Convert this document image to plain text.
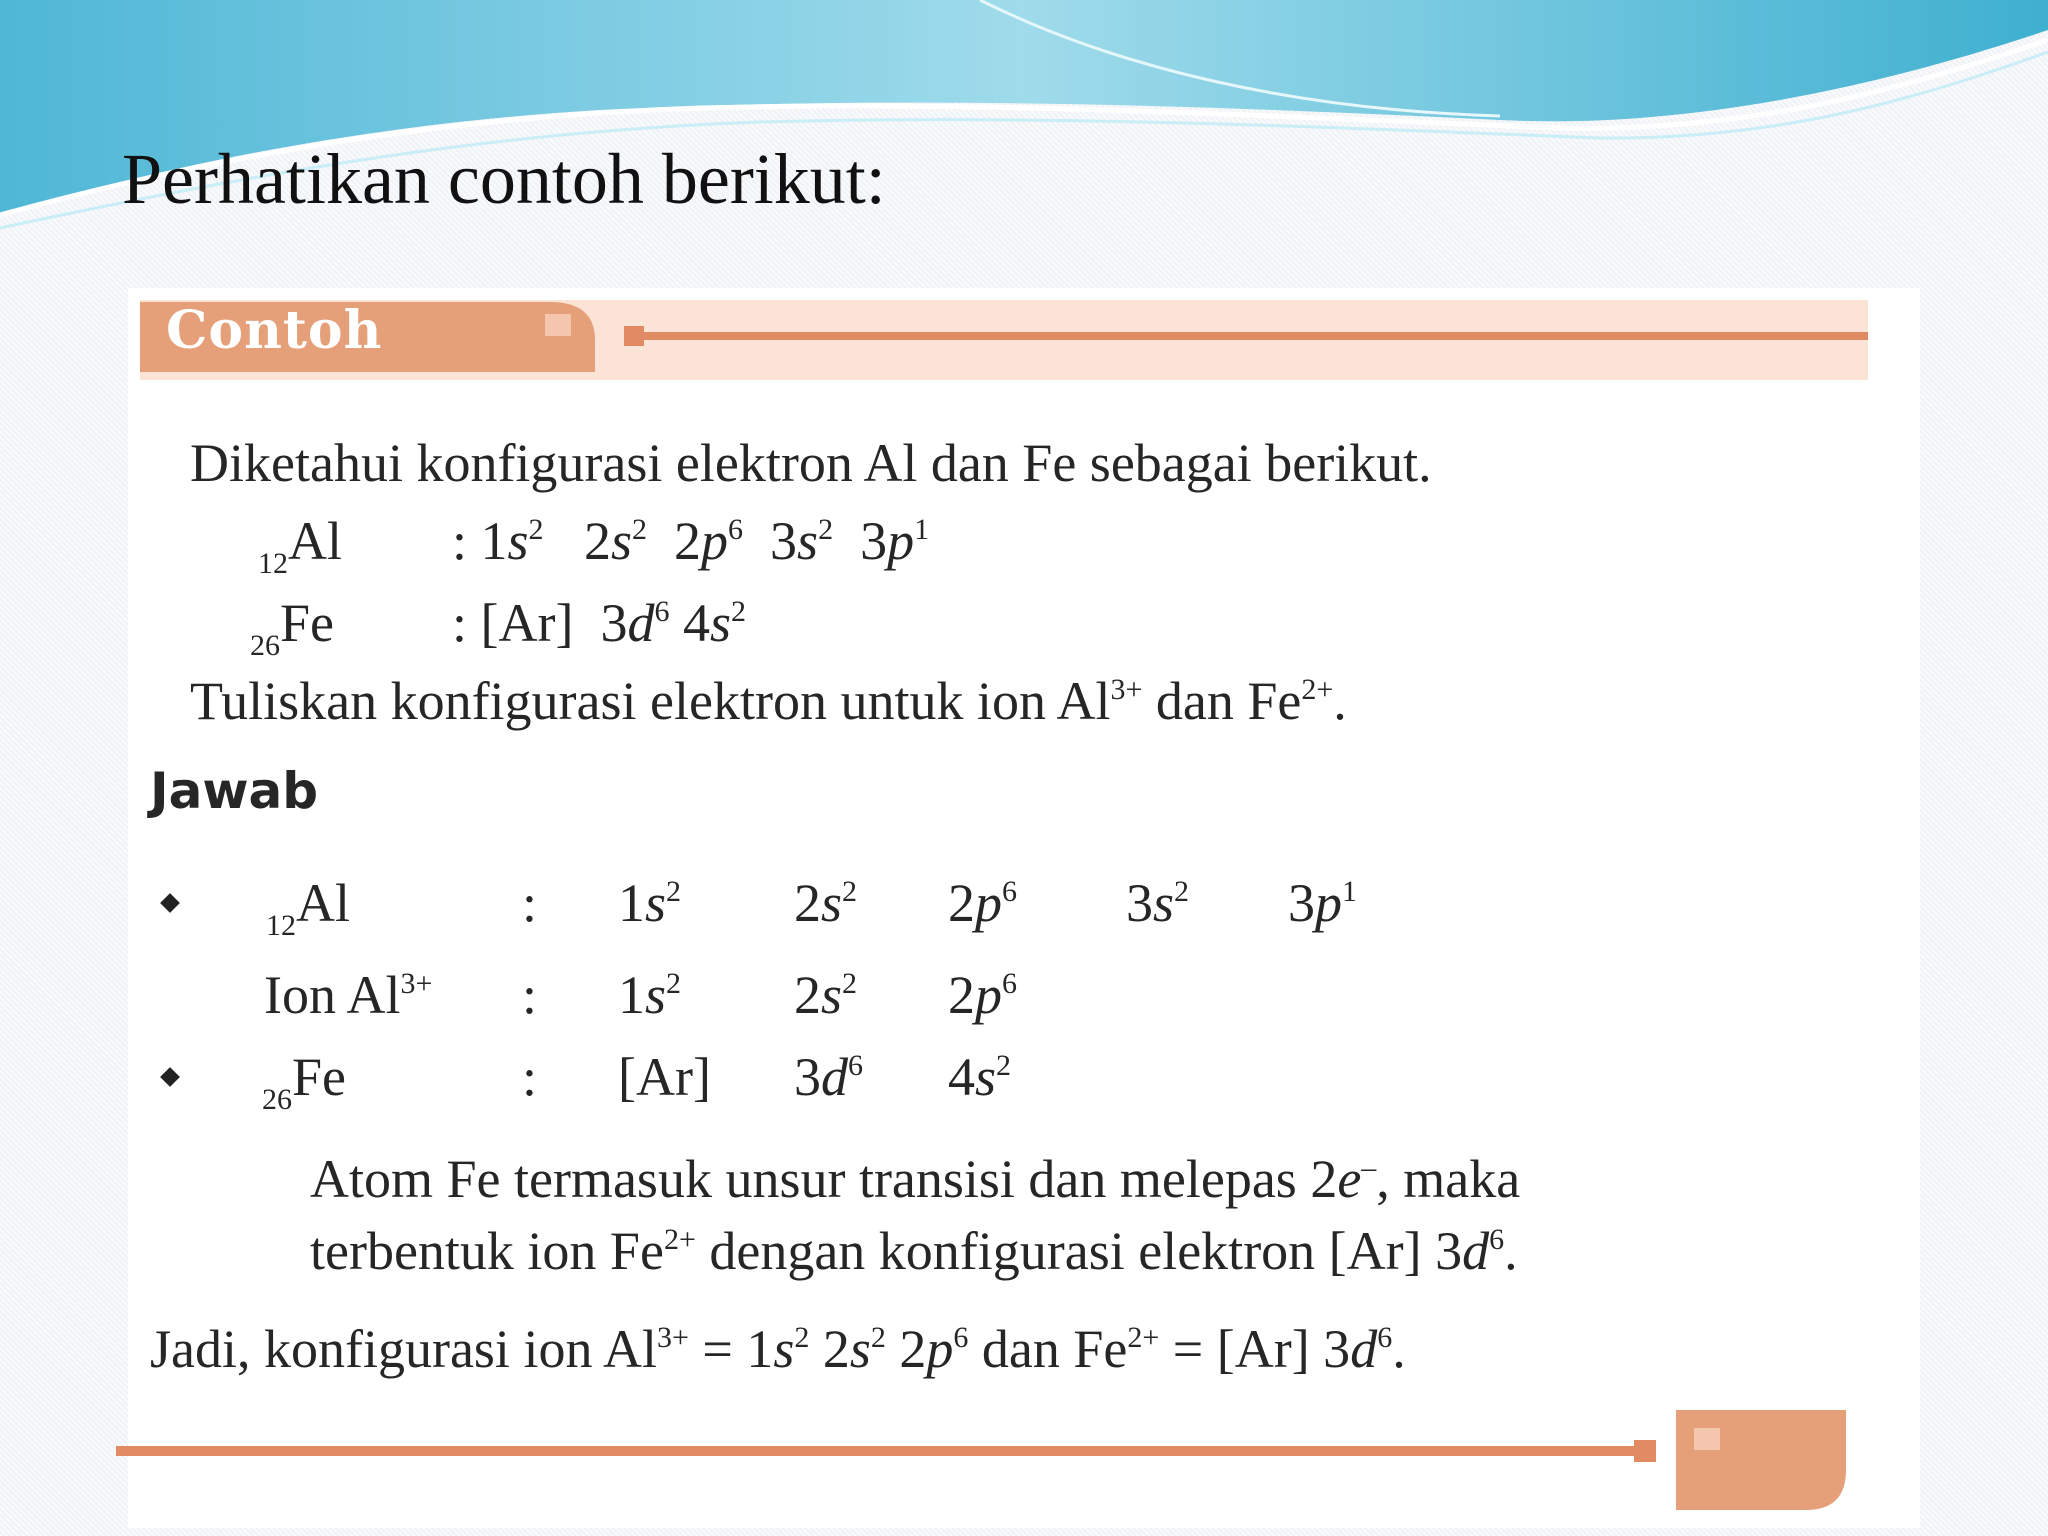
Perhatikan contoh berikut:
Contoh
Diketahui konfigurasi elektron Al dan Fe sebagai berikut.
$_{12}$Al : $1s^2$ $2s^2$ $2p^6$ $3s^2$ $3p^1$
$_{26}$Fe : [Ar] $3d^6$ $4s^2$
Tuliskan konfigurasi elektron untuk ion $Al^{3+}$ dan $Fe^{2+}$.
Jawab
$_{12}$Al	: $1s^2$ $2s^2$ $2p^6$ $3s^2$ $3p^1$
Ion $Al^{3+}$ : $1s^2$ $2s^2$ $2p^6$
$_{26}$Fe	: [Ar] $3d^6$ $4s^2$
Atom Fe termasuk unsur transisi dan melepas 2e–, maka
terbentuk ion $Fe^{2+}$ dengan konfigurasi elektron [Ar] $3d^6$.
Jadi, konfigurasi ion $Al^{3+} = 1s^2$ $2s^2$ $2p^6$ dan $Fe^{2+} = [Ar]$ $3d^6$.
